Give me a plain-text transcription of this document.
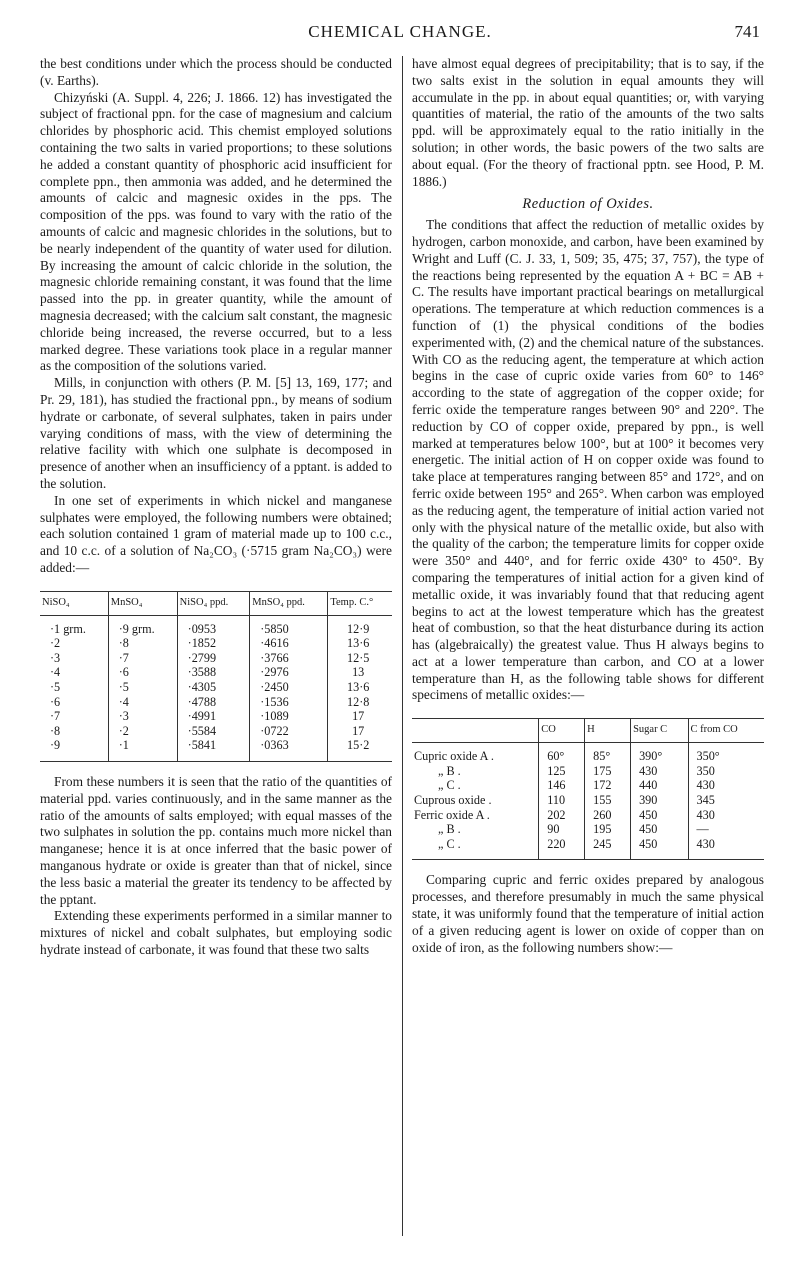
CHEMICAL CHANGE.	741

the best conditions under which the process should be conducted (v. Earths).

Chizyński (A. Suppl. 4, 226; J. 1866. 12) has investigated the subject of fractional ppn. for the case of magnesium and calcium chlorides by phosphoric acid. This chemist employed solutions containing the two salts in varied proportions; to these solutions he added a constant quantity of phosphoric acid insufficient for complete ppn., then ammonia was added, and he determined the amounts of calcic and magnesic oxides in the pps. The composition of the pps. was found to vary with the ratio of the amounts of calcic and magnesic chlorides in the solutions, but to be nearly independent of the quantity of water used for dilution. By increasing the amount of calcic chloride in the solution, the magnesic chloride remaining constant, it was found that the lime passed into the pp. in greater quantity, while the amount of magnesia decreased; with the calcium salt constant, the magnesic chloride being increased, the reverse occurred, but to a less marked degree. These variations took place in a regular manner as the composition of the solutions varied.

Mills, in conjunction with others (P. M. [5] 13, 169, 177; and Pr. 29, 181), has studied the fractional ppn., by means of sodium hydrate or carbonate, of several sulphates, taken in pairs under varying conditions of mass, with the view of determining the relative facility with which one sulphate is decomposed in presence of another when an insufficiency of a pptant. is added to the solution.

In one set of experiments in which nickel and manganese sulphates were employed, the following numbers were obtained; each solution contained 1 gram of material made up to 100 c.c., and 10 c.c. of a solution of Na₂CO₃ (·5715 gram Na₂CO₃) were added:—

NiSO₄	MnSO₄	NiSO₄ ppd.	MnSO₄ ppd.	Temp. C.°
·1 grm.	·9 grm.	·0953	·5850	12·9
·2	·8	·1852	·4616	13·6
·3	·7	·2799	·3766	12·5
·4	·6	·3588	·2976	13
·5	·5	·4305	·2450	13·6
·6	·4	·4788	·1536	12·8
·7	·3	·4991	·1089	17
·8	·2	·5584	·0722	17
·9	·1	·5841	·0363	15·2

From these numbers it is seen that the ratio of the quantities of material ppd. varies continuously, and in the same manner as the ratio of the amounts of salts employed; with equal masses of the two sulphates in solution the pp. contains much more nickel than manganese; hence it is at once inferred that the basic power of manganous hydrate or oxide is greater than that of nickel, since the less basic a material the greater its tendency to be affected by the pptant.

Extending these experiments performed in a similar manner to mixtures of nickel and cobalt sulphates, but employing sodic hydrate instead of carbonate, it was found that these two salts

have almost equal degrees of precipitability; that is to say, if the two salts exist in the solution in equal amounts they will accumulate in the pp. in about equal quantities; or, with varying quantities of material, the ratio of the amounts of the two salts ppd. will be approximately equal to the ratio initially in the solution; in other words, the basic powers of the two salts are about equal. (For the theory of fractional pptn. see Hood, P. M. 1886.)

Reduction of Oxides.

The conditions that affect the reduction of metallic oxides by hydrogen, carbon monoxide, and carbon, have been examined by Wright and Luff (C. J. 33, 1, 509; 35, 475; 37, 757), the type of the reactions being represented by the equation A + BC = AB + C. The results have important practical bearings on metallurgical operations. The temperature at which reduction commences is a function of (1) the physical conditions of the bodies experimented with, (2) and the chemical nature of the substances. With CO as the reducing agent, the temperature at which action begins in the case of cupric oxide varies from 60° to 146° according to the state of aggregation of the copper oxide; for ferric oxide the temperature ranges between 90° and 220°. The reduction by CO of copper oxide, prepared by ppn., is well marked at temperatures below 100°, but at 100° it becomes very energetic. The initial action of H on copper oxide was found to take place at temperatures ranging between 85° and 172°, and on ferric oxide between 195° and 265°. When carbon was employed as the reducing agent, the temperature of initial action varied not only with the physical nature of the metallic oxide, but also with the quality of the carbon; the temperature limits for copper oxide were 350° and 440°, and for ferric oxide 430° to 450°. By comparing the temperatures of initial action for a given kind of metallic oxide, it was invariably found that that reducing agent begins to act at the lowest temperature which has the greatest heat of combustion, so that the heat disturbance during its action has (algebraically) the greatest value. Thus H always begins to act at a lower temperature than carbon, and CO at a lower temperature than H, as the following table shows for different specimens of metallic oxides:—

	CO	H	Sugar C	C from CO
Cupric oxide A .	60°	85°	390°	350°
„ B .	125	175	430	350
„ C .	146	172	440	430
Cuprous oxide .	110	155	390	345
Ferric oxide A .	202	260	450	430
„ B .	90	195	450	—
„ C .	220	245	450	430

Comparing cupric and ferric oxides prepared by analogous processes, and therefore presumably in much the same physical state, it was uniformly found that the temperature of initial action of a given reducing agent is lower on oxide of copper than on oxide of iron, as the following numbers show:—
